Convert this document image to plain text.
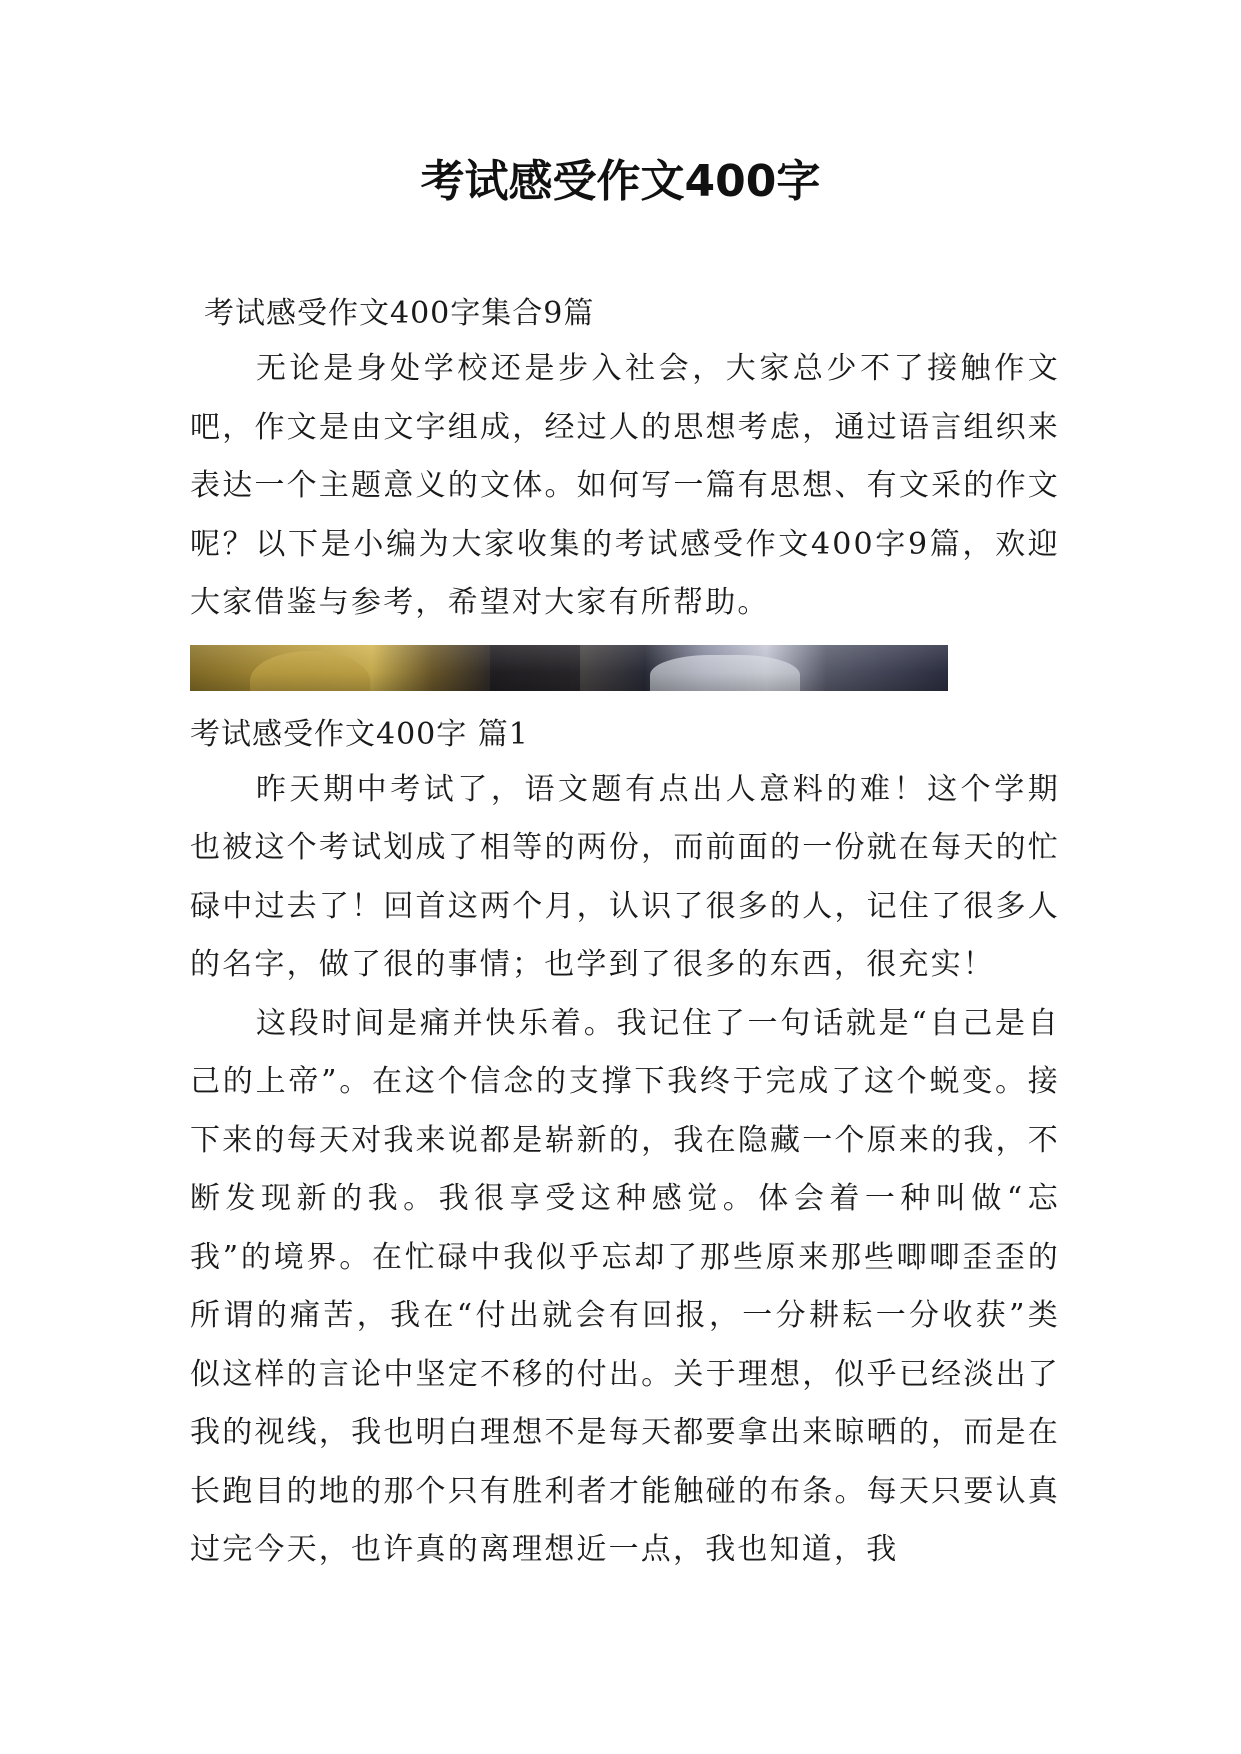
考试感受作文400字

考试感受作文400字集合9篇

无论是身处学校还是步入社会，大家总少不了接触作文吧，作文是由文字组成，经过人的思想考虑，通过语言组织来表达一个主题意义的文体。如何写一篇有思想、有文采的作文呢？以下是小编为大家收集的考试感受作文400字9篇，欢迎大家借鉴与参考，希望对大家有所帮助。

考试感受作文400字 篇1

昨天期中考试了，语文题有点出人意料的难！这个学期也被这个考试划成了相等的两份，而前面的一份就在每天的忙碌中过去了！回首这两个月，认识了很多的人，记住了很多人的名字，做了很的事情；也学到了很多的东西，很充实！

这段时间是痛并快乐着。我记住了一句话就是“自己是自己的上帝”。在这个信念的支撑下我终于完成了这个蜕变。接下来的每天对我来说都是崭新的，我在隐藏一个原来的我，不断发现新的我。我很享受这种感觉。体会着一种叫做“忘我”的境界。在忙碌中我似乎忘却了那些原来那些唧唧歪歪的所谓的痛苦，我在“付出就会有回报，一分耕耘一分收获”类似这样的言论中坚定不移的付出。关于理想，似乎已经淡出了我的视线，我也明白理想不是每天都要拿出来晾晒的，而是在长跑目的地的那个只有胜利者才能触碰的布条。每天只要认真过完今天，也许真的离理想近一点，我也知道，我
